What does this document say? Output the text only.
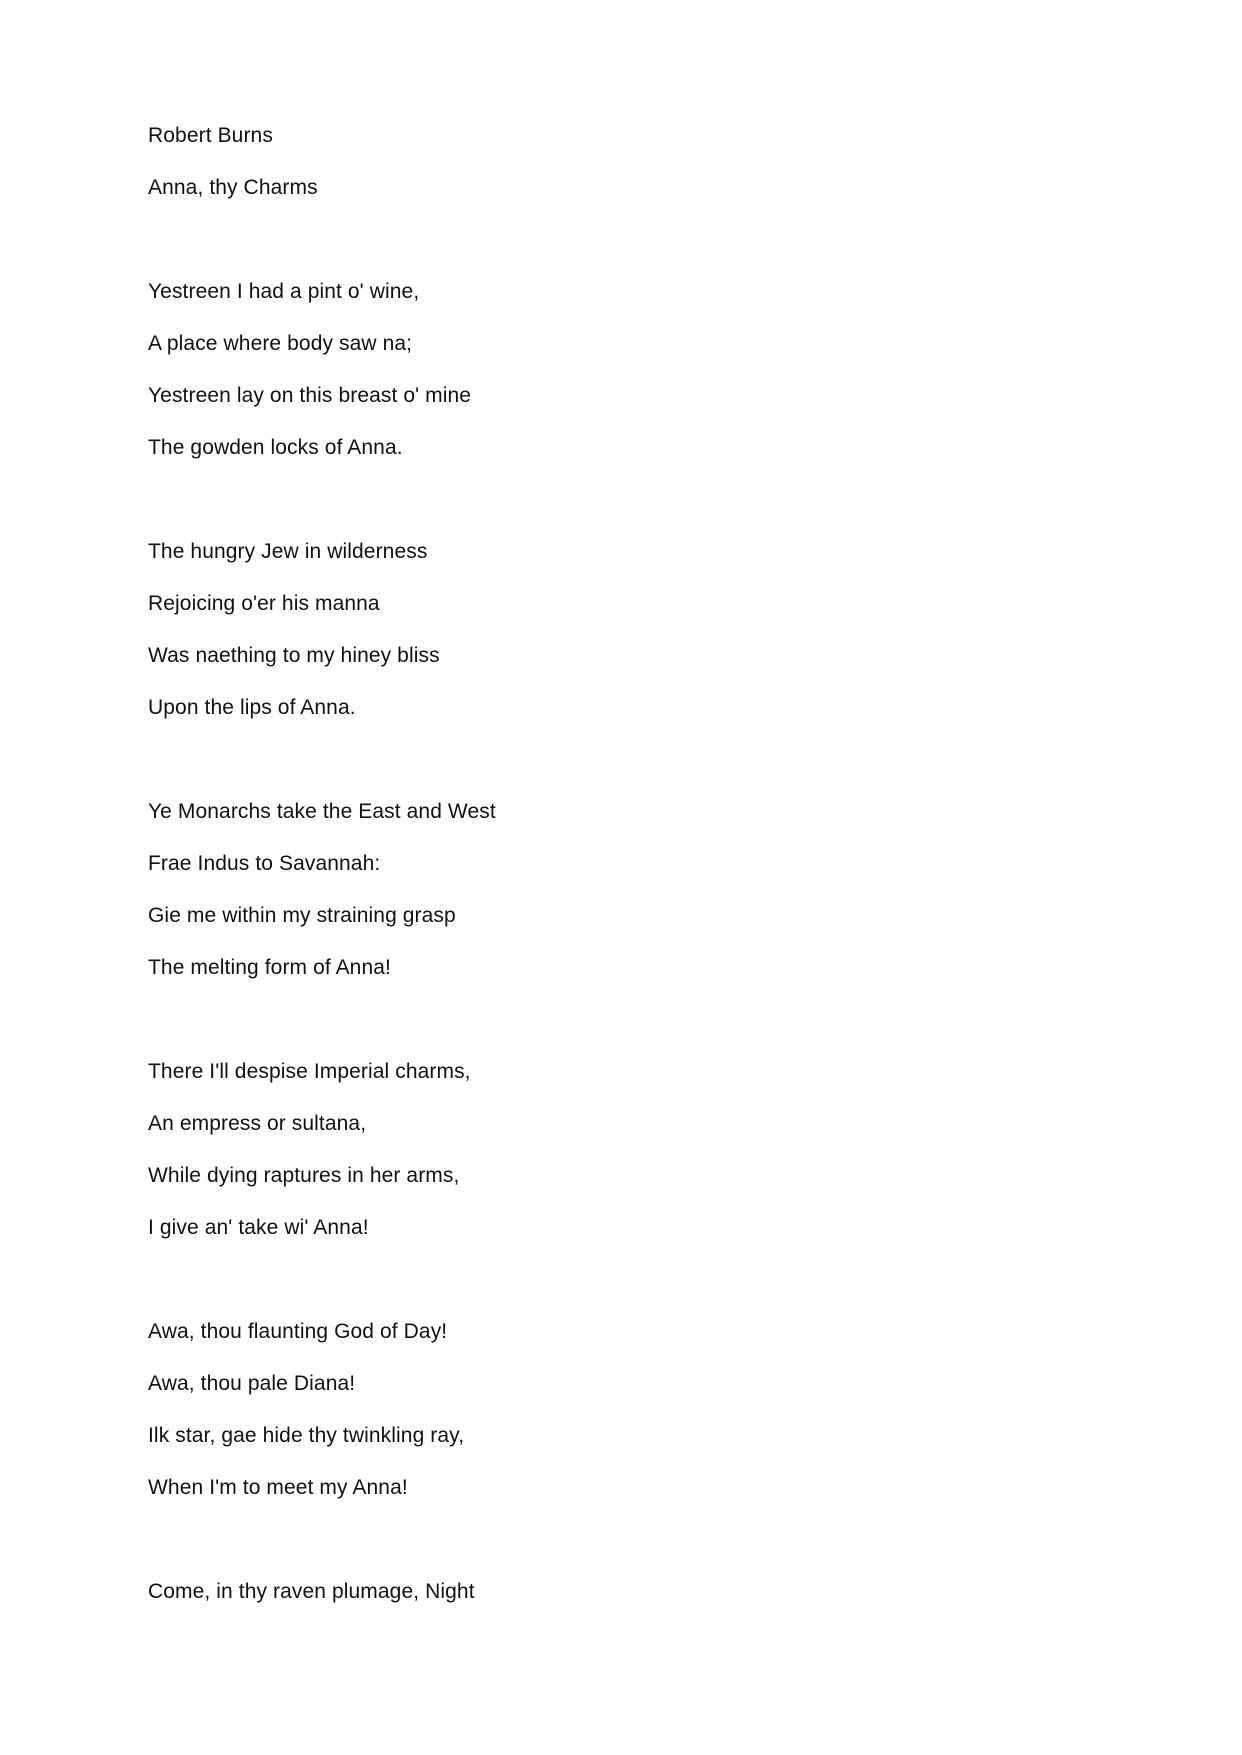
Robert Burns
Anna, thy Charms
Yestreen I had a pint o' wine,
A place where body saw na;
Yestreen lay on this breast o' mine
The gowden locks of Anna.
The hungry Jew in wilderness
Rejoicing o'er his manna
Was naething to my hiney bliss
Upon the lips of Anna.
Ye Monarchs take the East and West
Frae Indus to Savannah:
Gie me within my straining grasp
The melting form of Anna!
There I'll despise Imperial charms,
An empress or sultana,
While dying raptures in her arms,
I give an' take wi' Anna!
Awa, thou flaunting God of Day!
Awa, thou pale Diana!
Ilk star, gae hide thy twinkling ray,
When I'm to meet my Anna!
Come, in thy raven plumage, Night
